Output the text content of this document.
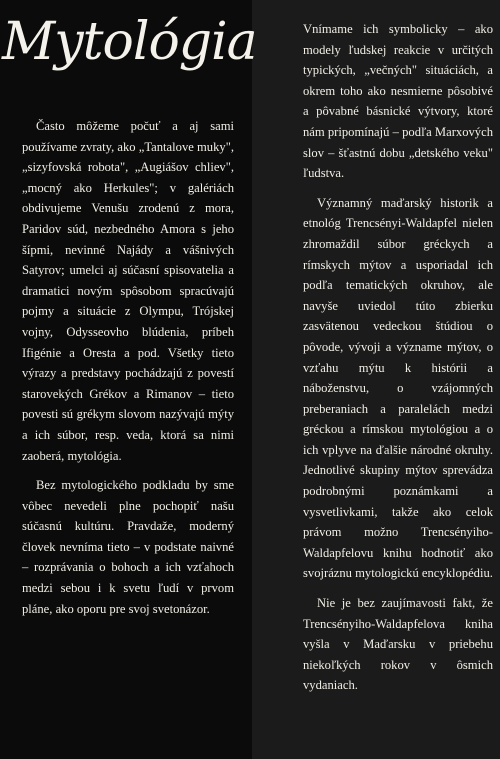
Mytológia

Často môžeme počuť a aj sami používame zvraty, ako „Tantalove muky", „sizyfovská robota", „Augiášov chliev", „mocný ako Herkules"; v galériách obdivujeme Venušu zrodenú z mora, Paridov súd, nezbedného Amora s jeho šípmi, nevinné Najády a vášnivých Satyrov; umelci aj súčasní spisovatelia a dramatici novým spôsobom spracúvajú pojmy a situácie z Olympu, Trójskej vojny, Odysseovho blúdenia, príbeh Ifigénie a Oresta a pod. Všetky tieto výrazy a predstavy pochádzajú z povestí starovekých Grékov a Rimanov – tieto povesti sú grékym slovom nazývajú mýty a ich súbor, resp. veda, ktorá sa nimi zaoberá, mytológia.

Bez mytologického podkladu by sme vôbec nevedeli plne pochopiť našu súčasnú kultúru. Pravdaže, moderný človek nevníma tieto – v podstate naivné – rozprávania o bohoch a ich vzťahoch medzi sebou i k svetu ľudí v prvom pláne, ako oporu pre svoj svetonázor.

Vnímame ich symbolicky – ako modely ľudskej reakcie v určitých typických, „večných" situáciách, a okrem toho ako nesmierne pôsobivé a pôvabné básnické výtvory, ktoré nám pripomínajú – podľa Marxových slov – šťastnú dobu „detského veku" ľudstva.

Významný maďarský historik a etnológ Trencsényi-Waldapfel nielen zhromaždil súbor gréckych a rímskych mýtov a usporiadal ich podľa tematických okruhov, ale navyše uviedol túto zbierku zasvätenou vedeckou štúdiou o pôvode, vývoji a význame mýtov, o vzťahu mýtu k histórii a náboženstvu, o vzájomných preberaniach a paralelách medzi gréckou a rímskou mytológiou a o ich vplyve na ďalšie národné okruhy. Jednotlivé skupiny mýtov sprevádza podrobnými poznámkami a vysvetlivkami, takže ako celok právom možno Trencsényiho-Waldapfelovu knihu hodnotiť ako svojráznu mytologickú encyklopédiu.

Nie je bez zaujímavosti fakt, že Trencsényiho-Waldapfelova kniha vyšla v Maďarsku v priebehu niekoľkých rokov v ôsmich vydaniach.
